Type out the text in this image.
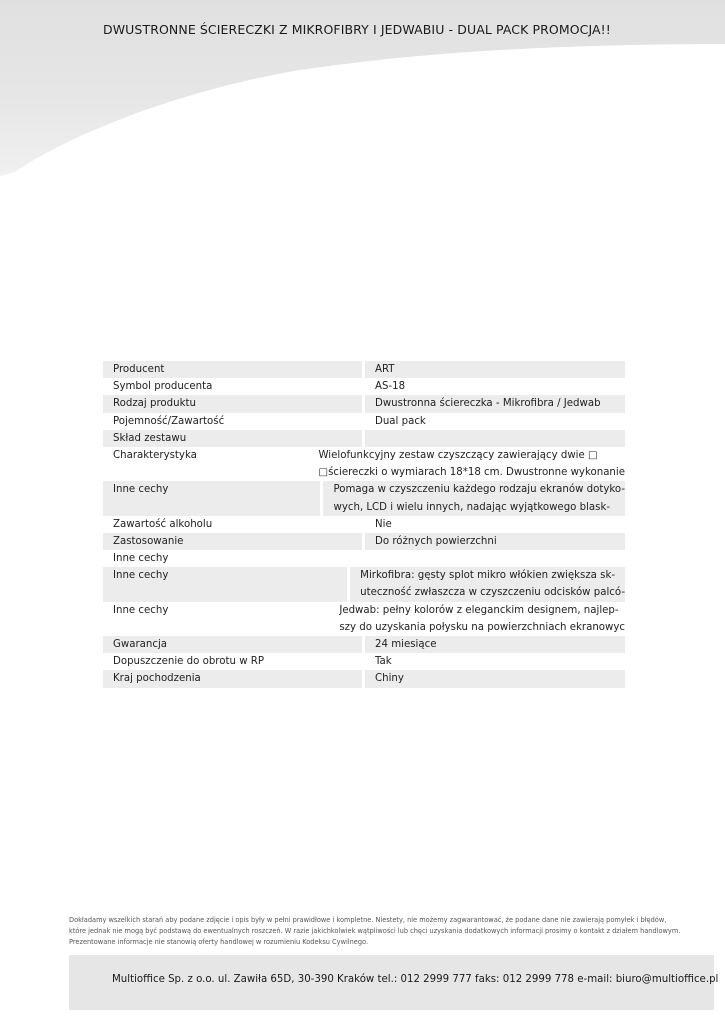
DWUSTRONNE ŚCIERECZKI Z MIKROFIBRY I JEDWABIU - DUAL PACK PROMOCJA!!
Producent	ART
Symbol producenta	AS-18
Rodzaj produktu	Dwustronna ściereczka - Mikrofibra / Jedwab
Pojemność/Zawartość	Dual pack
Skład zestawu
Charakterystyka	Wielofunkcyjny zestaw czyszczący zawierający dwie □
□ściereczki o wymiarach 18*18 cm. Dwustronne wykonanie
Inne cechy	Pomaga w czyszczeniu każdego rodzaju ekranów dotyko-
wych, LCD i wielu innych, nadając wyjątkowego blask-
Zawartość alkoholu	Nie
Zastosowanie	Do różnych powierzchni
Inne cechy
Inne cechy	Mirkofibra: gęsty splot mikro włókien zwiększa sk-
uteczność zwłaszcza w czyszczeniu odcisków palcó-
Inne cechy	Jedwab: pełny kolorów z eleganckim designem, najlep-
szy do uzyskania połysku na powierzchniach ekranowyc
Gwarancja	24 miesiące
Dopuszczenie do obrotu w RP	Tak
Kraj pochodzenia	Chiny
Dokładamy wszelkich starań aby podane zdjęcie i opis były w pełni prawidłowe i kompletne. Niestety, nie możemy zagwarantować, że podane dane nie zawierają pomyłek i błędów,
które jednak nie mogą być podstawą do ewentualnych roszczeń. W razie jakichkolwiek wątpliwości lub chęci uzyskania dodatkowych informacji prosimy o kontakt z działem handlowym.
Prezentowane informacje nie stanowią oferty handlowej w rozumieniu Kodeksu Cywilnego.
Multioffice Sp. z o.o. ul. Zawiła 65D, 30-390 Kraków tel.: 012 2999 777 faks: 012 2999 778 e-mail: biuro@multioffice.pl
